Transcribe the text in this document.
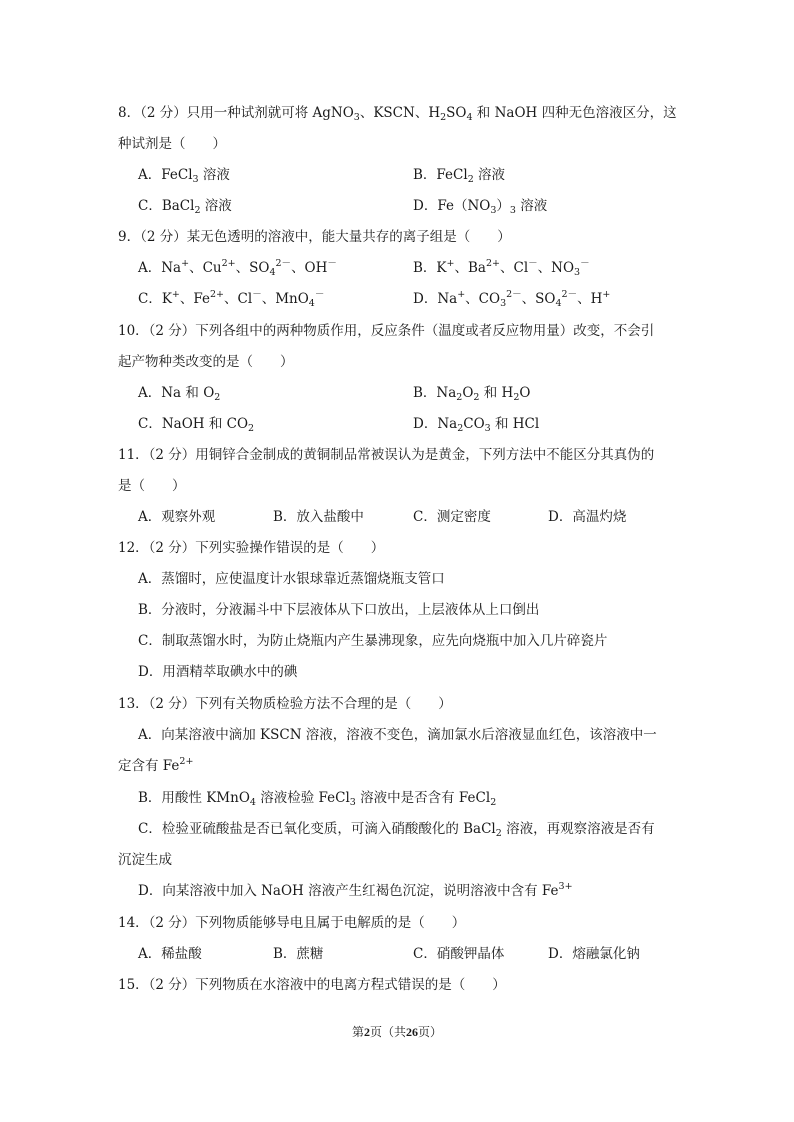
8．（2 分）只用一种试剂就可将 AgNO$_3$、KSCN、$H_2SO_4$ 和 NaOH 四种无色溶液区分，这
种试剂是（　　）
A．FeCl$_3$ 溶液	B．FeCl$_2$ 溶液
C．BaCl$_2$ 溶液	D．$Fe(NO_3)_3$ 溶液
9．（2 分）某无色透明的溶液中，能大量共存的离子组是（　　）
A．Na+、$Cu^{2+}$、$SO_4^{2-}$、OH－	B．K+、$Ba^{2+}$、Cl－、$NO_3^-$
C．K+、$Fe^{2+}$、Cl－、MnO$_4$－	D．Na+、$CO_3^{2-}$、$SO_4^{2-}$、H+
10．（2 分）下列各组中的两种物质作用，反应条件（温度或者反应物用量）改变，不会引
起产物种类改变的是（　　）
A．Na 和 $O_2$	B．$Na_2O_2$ 和 $H_2O$
C．NaOH 和 $CO_2$	D．$Na_2CO_3$ 和 HCl
11．（2 分）用铜锌合金制成的黄铜制品常被误认为是黄金，下列方法中不能区分其真伪的
是（　　）
A．观察外观	B．放入盐酸中	C．测定密度	D．高温灼烧
12．（2 分）下列实验操作错误的是（　　）
A．蒸馏时，应使温度计水银球靠近蒸馏烧瓶支管口
B．分液时，分液漏斗中下层液体从下口放出，上层液体从上口倒出
C．制取蒸馏水时，为防止烧瓶内产生暴沸现象，应先向烧瓶中加入几片碎瓷片
D．用酒精萃取碘水中的碘
13．（2 分）下列有关物质检验方法不合理的是（　　）
A．向某溶液中滴加 KSCN 溶液，溶液不变色，滴加氯水后溶液显血红色，该溶液中一
定含有 $Fe^{2+}$
B．用酸性 KMnO$_4$ 溶液检验 FeCl$_3$ 溶液中是否含有 FeCl$_2$
C．检验亚硫酸盐是否已氧化变质，可滴入硝酸酸化的 BaCl$_2$ 溶液，再观察溶液是否有
沉淀生成
D．向某溶液中加入 NaOH 溶液产生红褐色沉淀，说明溶液中含有 $Fe^{3+}$
14．（2 分）下列物质能够导电且属于电解质的是（　　）
A．稀盐酸	B．蔗糖	C．硝酸钾晶体	D．熔融氯化钠
15．（2 分）下列物质在水溶液中的电离方程式错误的是（　　）
第2页（共26页）
